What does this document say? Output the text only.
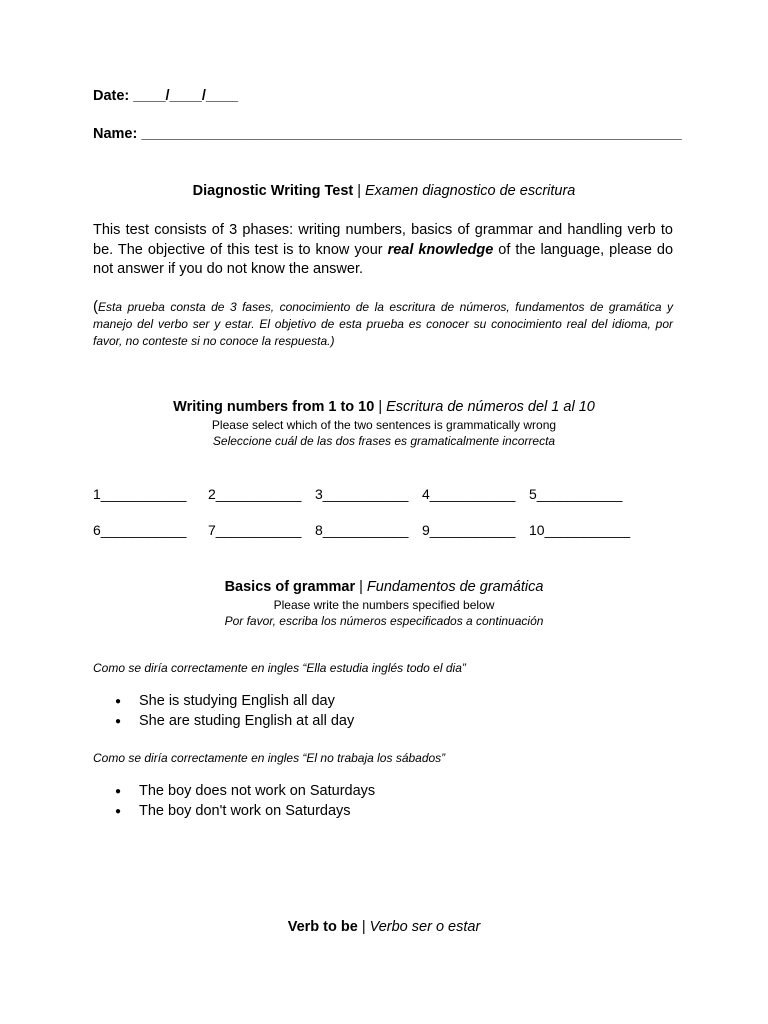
Date: ____/____/____
Name: ___________________________________________________________________
Diagnostic Writing Test | Examen diagnostico de escritura
This test consists of 3 phases: writing numbers, basics of grammar and handling verb to be. The objective of this test is to know your real knowledge of the language, please do not answer if you do not know the answer.
(Esta prueba consta de 3 fases, conocimiento de la escritura de números, fundamentos de gramática y manejo del verbo ser y estar. El objetivo de esta prueba es conocer su conocimiento real del idioma, por favor, no conteste si no conoce la respuesta.)
Writing numbers from 1 to 10 | Escritura de números del 1 al 10
Please select which of the two sentences is grammatically wrong
Seleccione cuál de las dos frases es gramaticalmente incorrecta
1___________ 2___________ 3___________ 4___________ 5___________
6___________ 7___________ 8___________ 9___________ 10___________
Basics of grammar | Fundamentos de gramática
Please write the numbers specified below
Por favor, escriba los números especificados a continuación
Como se diría correctamente en ingles “Ella estudia inglés todo el dia”
● She is studying English all day
● She are studing English at all day
Como se diría correctamente en ingles “El no trabaja los sábados”
● The boy does not work on Saturdays
● The boy don't work on Saturdays
Verb to be | Verbo ser o estar
